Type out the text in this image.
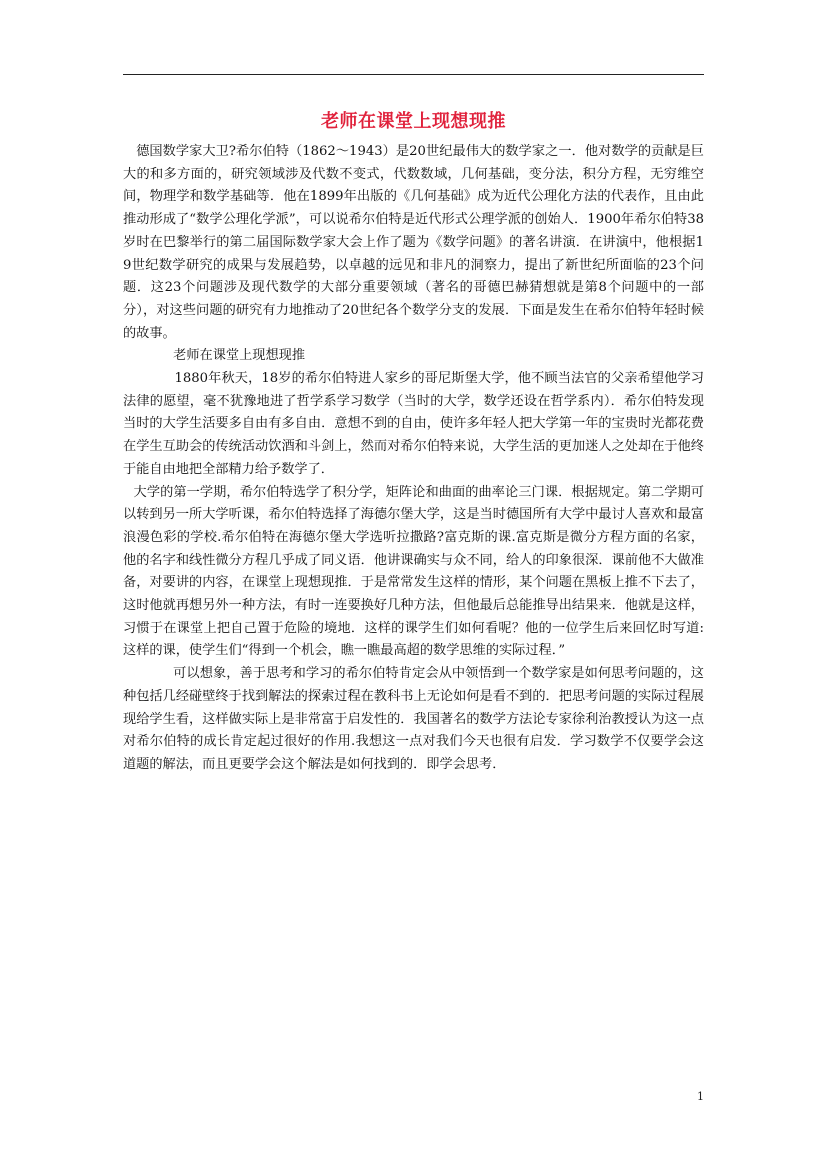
老师在课堂上现想现推

德国数学家大卫?希尔伯特（1862～1943）是20世纪最伟大的数学家之一．他对数学的贡献是巨大的和多方面的，研究领域涉及代数不变式，代数数域，几何基础，变分法，积分方程，无穷维空间，物理学和数学基础等．他在1899年出版的《几何基础》成为近代公理化方法的代表作，且由此推动形成了“数学公理化学派”，可以说希尔伯特是近代形式公理学派的创始人．1900年希尔伯特38岁时在巴黎举行的第二届国际数学家大会上作了题为《数学问题》的著名讲演．在讲演中，他根据19世纪数学研究的成果与发展趋势，以卓越的远见和非凡的洞察力，提出了新世纪所面临的23个问题．这23个问题涉及现代数学的大部分重要领域（著名的哥德巴赫猜想就是第8个问题中的一部分），对这些问题的研究有力地推动了20世纪各个数学分支的发展．下面是发生在希尔伯特年轻时候的故事。

老师在课堂上现想现推

1880年秋天，18岁的希尔伯特进人家乡的哥尼斯堡大学，他不顾当法官的父亲希望他学习法律的愿望，毫不犹豫地进了哲学系学习数学（当时的大学，数学还设在哲学系内）．希尔伯特发现当时的大学生活要多自由有多自由．意想不到的自由，使许多年轻人把大学第一年的宝贵时光都花费在学生互助会的传统活动饮酒和斗剑上，然而对希尔伯特来说，大学生活的更加迷人之处却在于他终于能自由地把全部精力给予数学了．

大学的第一学期，希尔伯特选学了积分学，矩阵论和曲面的曲率论三门课．根据规定。第二学期可以转到另一所大学听课，希尔伯特选择了海德尔堡大学，这是当时德国所有大学中最讨人喜欢和最富浪漫色彩的学校.希尔伯特在海德尔堡大学选听拉撒路?富克斯的课.富克斯是微分方程方面的名家，他的名字和线性微分方程几乎成了同义语．他讲课确实与众不同，给人的印象很深．课前他不大做准备，对要讲的内容，在课堂上现想现推．于是常常发生这样的情形，某个问题在黑板上推不下去了，这时他就再想另外一种方法，有时一连要换好几种方法，但他最后总能推导出结果来．他就是这样，习惯于在课堂上把自己置于危险的境地．这样的课学生们如何看呢？他的一位学生后来回忆时写道:这样的课，使学生们“得到一个机会，瞧一瞧最高超的数学思维的实际过程．”

可以想象，善于思考和学习的希尔伯特肯定会从中领悟到一个数学家是如何思考问题的，这种包括几经碰壁终于找到解法的探索过程在教科书上无论如何是看不到的．把思考问题的实际过程展现给学生看，这样做实际上是非常富于启发性的．我国著名的数学方法论专家徐利治教授认为这一点对希尔伯特的成长肯定起过很好的作用.我想这一点对我们今天也很有启发．学习数学不仅要学会这道题的解法，而且更要学会这个解法是如何找到的．即学会思考．

1
